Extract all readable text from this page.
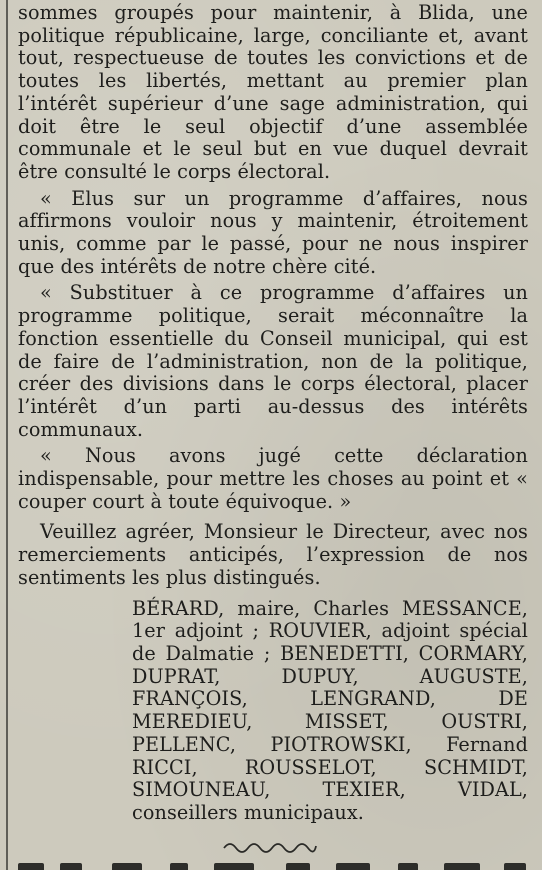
sommes groupés pour maintenir, à Blida, une politique républicaine, large, conciliante et, avant tout, respectueuse de toutes les convictions et de toutes les libertés, mettant au premier plan l’intérêt supérieur d’une sage administration, qui doit être le seul objectif d’une assemblée communale et le seul but en vue duquel devrait être consulté le corps électoral.

« Elus sur un programme d’affaires, nous affirmons vouloir nous y maintenir, étroitement unis, comme par le passé, pour ne nous inspirer que des intérêts de notre chère cité.

« Substituer à ce programme d’affaires un programme politique, serait méconnaître la fonction essentielle du Conseil municipal, qui est de faire de l’administration, non de la politique, créer des divisions dans le corps électoral, placer l’intérêt d’un parti au-dessus des intérêts communaux.

« Nous avons jugé cette déclaration indispensable, pour mettre les choses au point et « couper court à toute équivoque. »

Veuillez agréer, Monsieur le Directeur, avec nos remerciements anticipés, l’expression de nos sentiments les plus distingués.

BÉRARD, maire, Charles MESSANCE, 1er adjoint ; ROUVIER, adjoint spécial de Dalmatie ; BENEDETTI, CORMARY, DUPRAT, DUPUY, AUGUSTE, FRANÇOIS, LENGRAND, DE MEREDIEU, MISSET, OUSTRI, PELLENC, PIOTROWSKI, Fernand RICCI, ROUSSELOT, SCHMIDT, SIMOUNEAU, TEXIER, VIDAL, conseillers municipaux.
